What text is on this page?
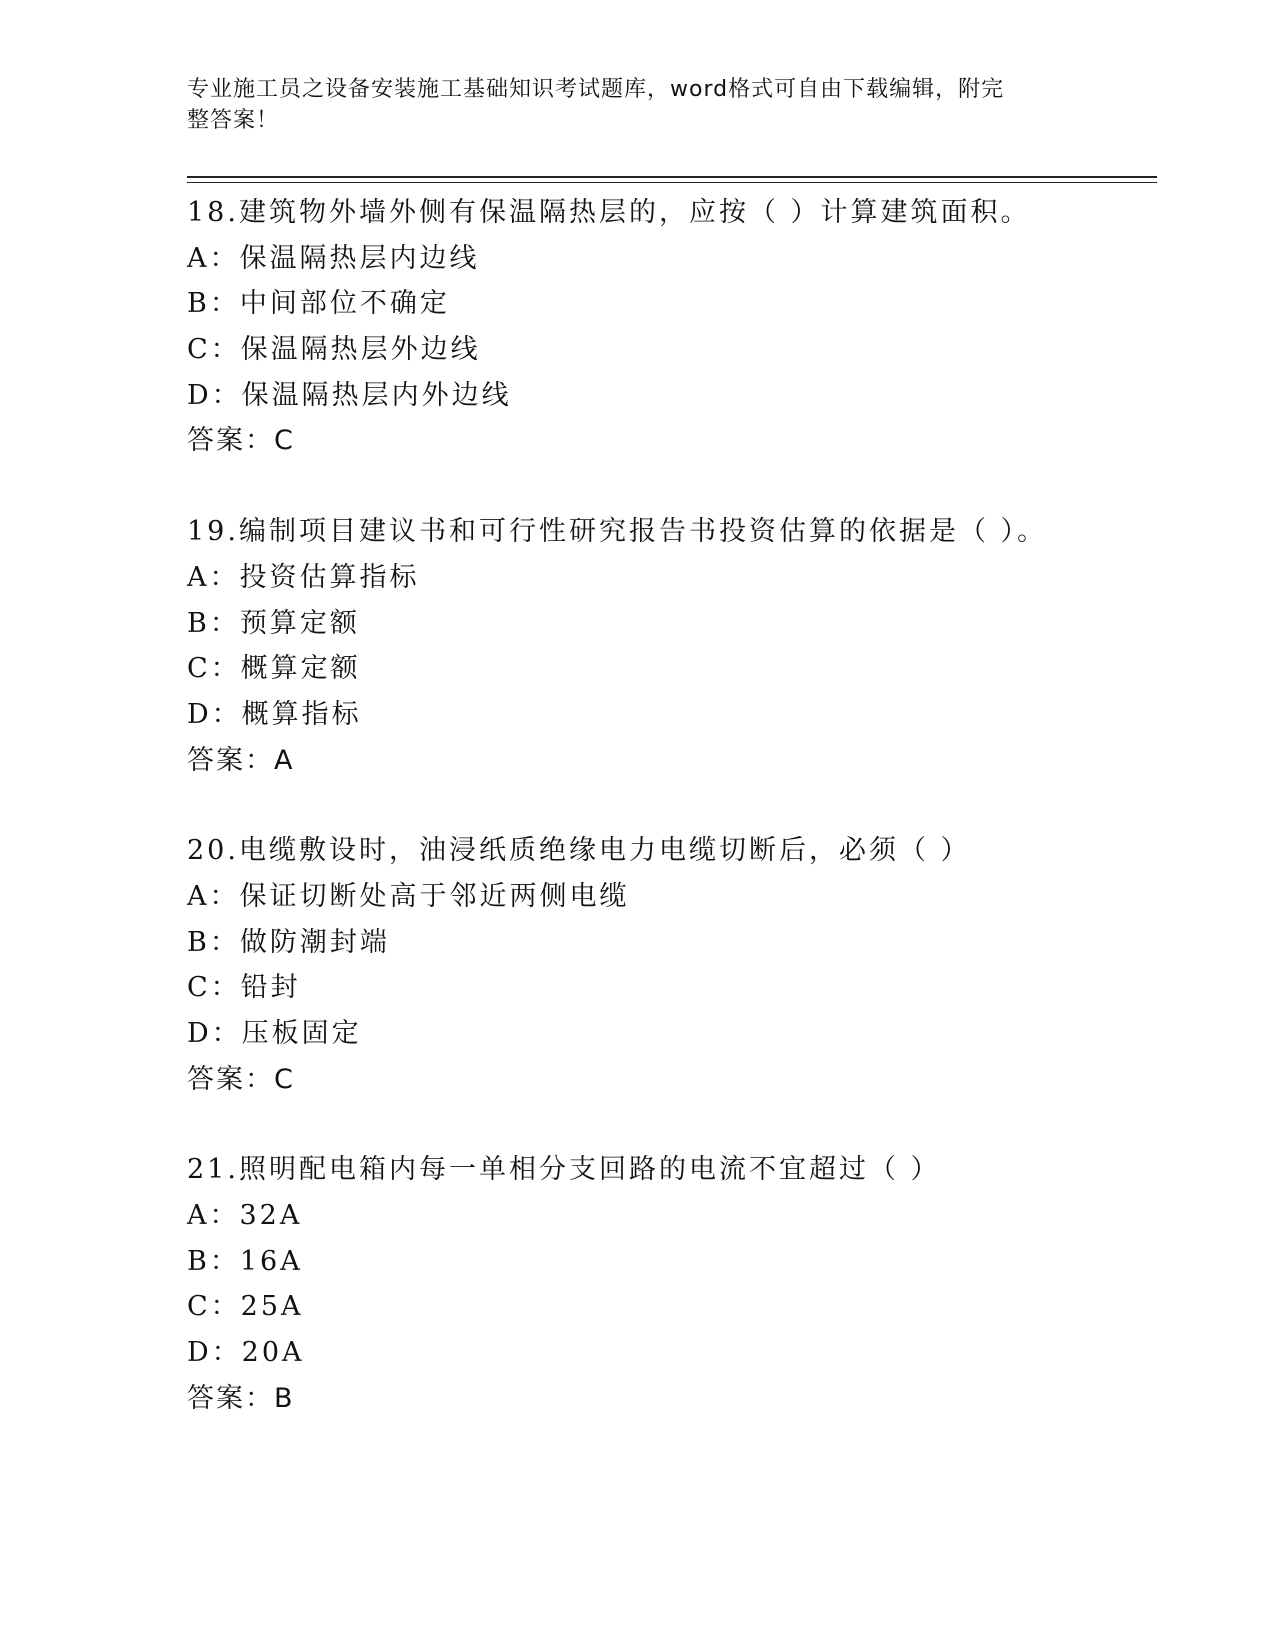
专业施工员之设备安装施工基础知识考试题库，word格式可自由下载编辑，附完
整答案！
18.建筑物外墙外侧有保温隔热层的，应按（ ）计算建筑面积。
A：保温隔热层内边线
B：中间部位不确定
C：保温隔热层外边线
D：保温隔热层内外边线
答案：C
19.编制项目建议书和可行性研究报告书投资估算的依据是（ ）。
A：投资估算指标
B：预算定额
C：概算定额
D：概算指标
答案：A
20.电缆敷设时，油浸纸质绝缘电力电缆切断后，必须（ ）
A：保证切断处高于邻近两侧电缆
B：做防潮封端
C：铅封
D：压板固定
答案：C
21.照明配电箱内每一单相分支回路的电流不宜超过（ ）
A：32A
B：16A
C：25A
D：20A
答案：B
